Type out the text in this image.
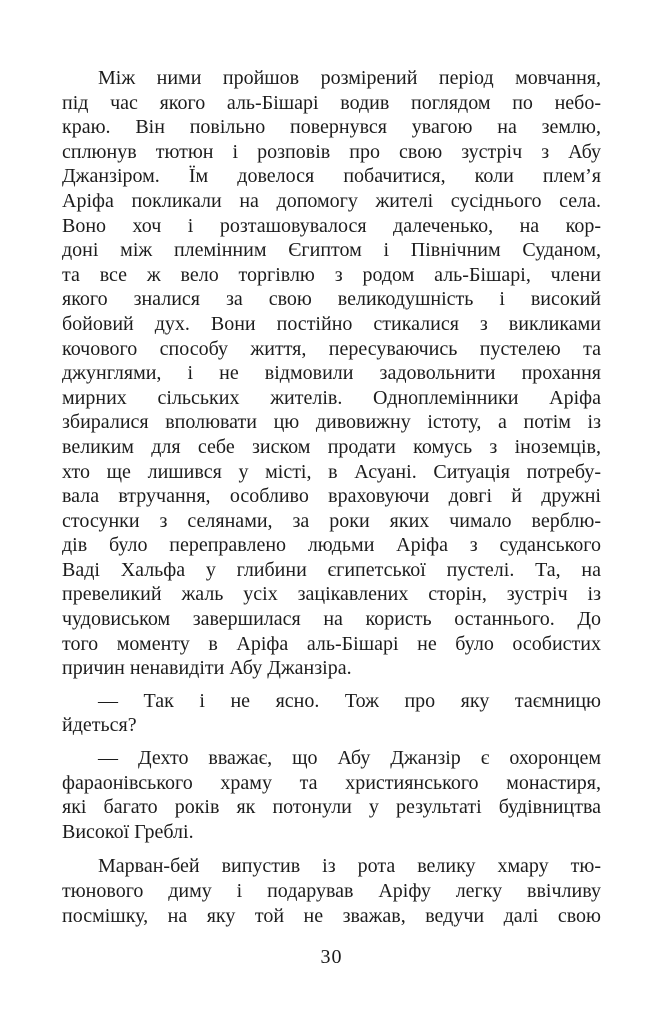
Між ними пройшов розмірений період мовчання,
під час якого аль-Бішарі водив поглядом по небо-
краю. Він повільно повернувся увагою на землю,
сплюнув тютюн і розповів про свою зустріч з Абу
Джанзіром. Їм довелося побачитися, коли плем’я
Аріфа покликали на допомогу жителі сусіднього села.
Воно хоч і розташовувалося далеченько, на кор-
доні між племінним Єгиптом і Північним Суданом,
та все ж вело торгівлю з родом аль-Бішарі, члени
якого зналися за свою великодушність і високий
бойовий дух. Вони постійно стикалися з викликами
кочового способу життя, пересуваючись пустелею та
джунглями, і не відмовили задовольнити прохання
мирних сільських жителів. Одноплемінники Аріфа
збиралися вполювати цю дивовижну істоту, а потім із
великим для себе зиском продати комусь з іноземців,
хто ще лишився у місті, в Асуані. Ситуація потребу-
вала втручання, особливо враховуючи довгі й дружні
стосунки з селянами, за роки яких чимало верблю-
дів було переправлено людьми Аріфа з суданського
Ваді Хальфа у глибини єгипетської пустелі. Та, на
превеликий жаль усіх зацікавлених сторін, зустріч із
чудовиськом завершилася на користь останнього. До
того моменту в Аріфа аль-Бішарі не було особистих
причин ненавидіти Абу Джанзіра.
— Так і не ясно. Тож про яку таємницю
йдеться?
— Дехто вважає, що Абу Джанзір є охоронцем
фараонівського храму та християнського монастиря,
які багато років як потонули у результаті будівництва
Високої Греблі.
Марван-бей випустив із рота велику хмару тю-
тюнового диму і подарував Аріфу легку ввічливу
посмішку, на яку той не зважав, ведучи далі свою
30
